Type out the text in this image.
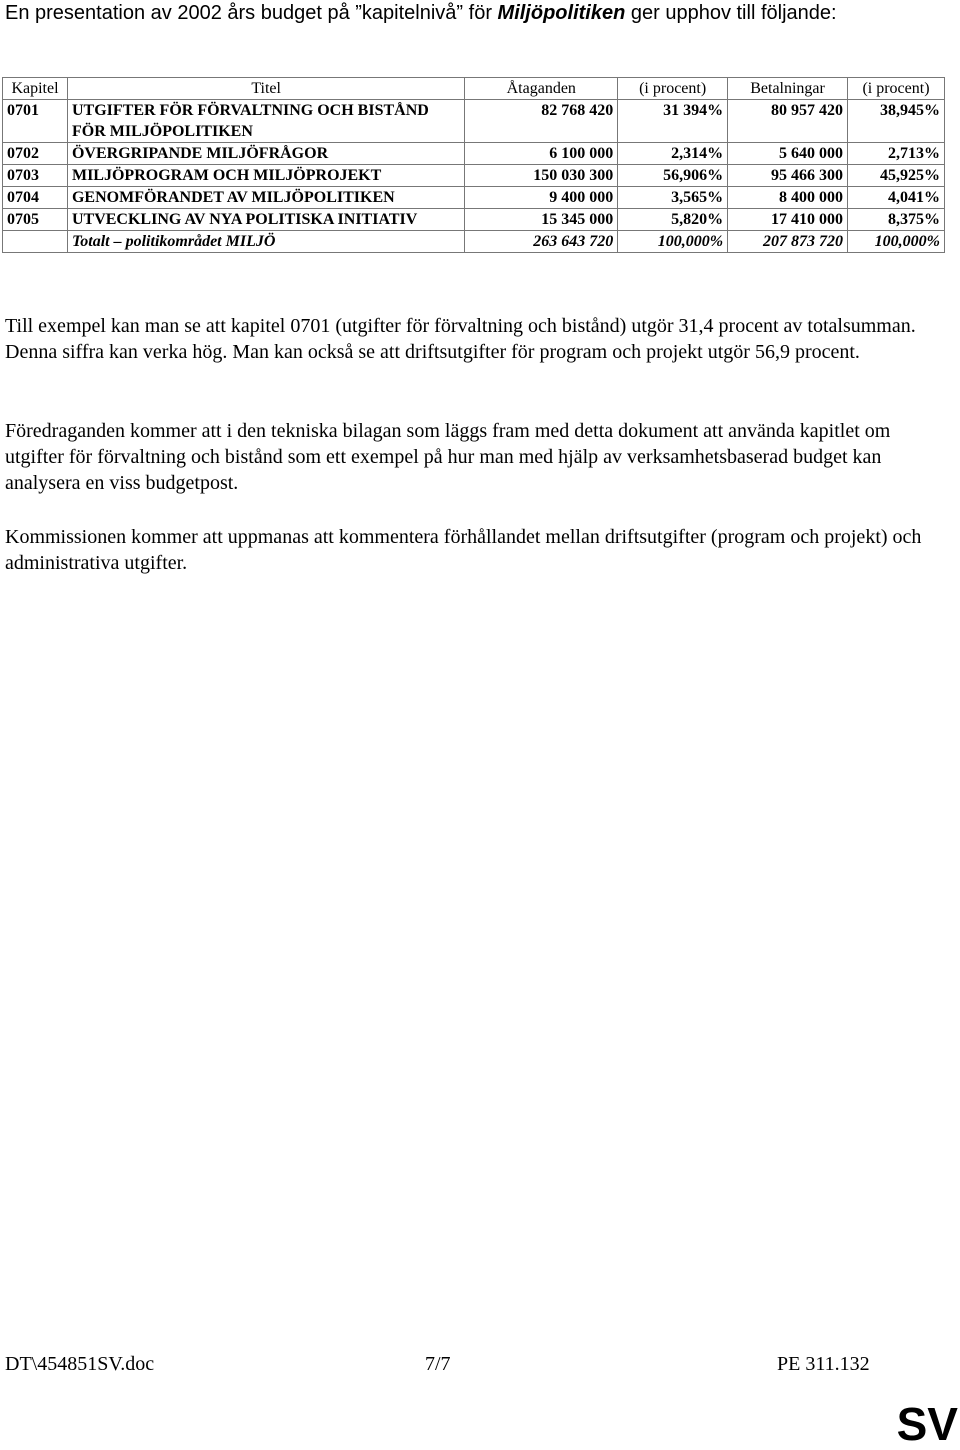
En presentation av 2002 års budget på ”kapitelnivå” för Miljöpolitiken ger upphov till följande:
Kapitel	Titel	Åtaganden	(i procent)	Betalningar	(i procent)
0701	UTGIFTER FÖR FÖRVALTNING OCH BISTÅND FÖR MILJÖPOLITIKEN	82 768 420	31 394%	80 957 420	38,945%
0702	ÖVERGRIPANDE MILJÖFRÅGOR	6 100 000	2,314%	5 640 000	2,713%
0703	MILJÖPROGRAM OCH MILJÖPROJEKT	150 030 300	56,906%	95 466 300	45,925%
0704	GENOMFÖRANDET AV MILJÖPOLITIKEN	9 400 000	3,565%	8 400 000	4,041%
0705	UTVECKLING AV NYA POLITISKA INITIATIV	15 345 000	5,820%	17 410 000	8,375%
	Totalt – politikområdet MILJÖ	263 643 720	100,000%	207 873 720	100,000%

Till exempel kan man se att kapitel 0701 (utgifter för förvaltning och bistånd) utgör 31,4 procent av totalsumman. Denna siffra kan verka hög. Man kan också se att driftsutgifter för program och projekt utgör 56,9 procent.

Föredraganden kommer att i den tekniska bilagan som läggs fram med detta dokument att använda kapitlet om utgifter för förvaltning och bistånd som ett exempel på hur man med hjälp av verksamhetsbaserad budget kan analysera en viss budgetpost.

Kommissionen kommer att uppmanas att kommentera förhållandet mellan driftsutgifter (program och projekt) och administrativa utgifter.

DT\454851SV.doc	7/7	PE 311.132
SV
